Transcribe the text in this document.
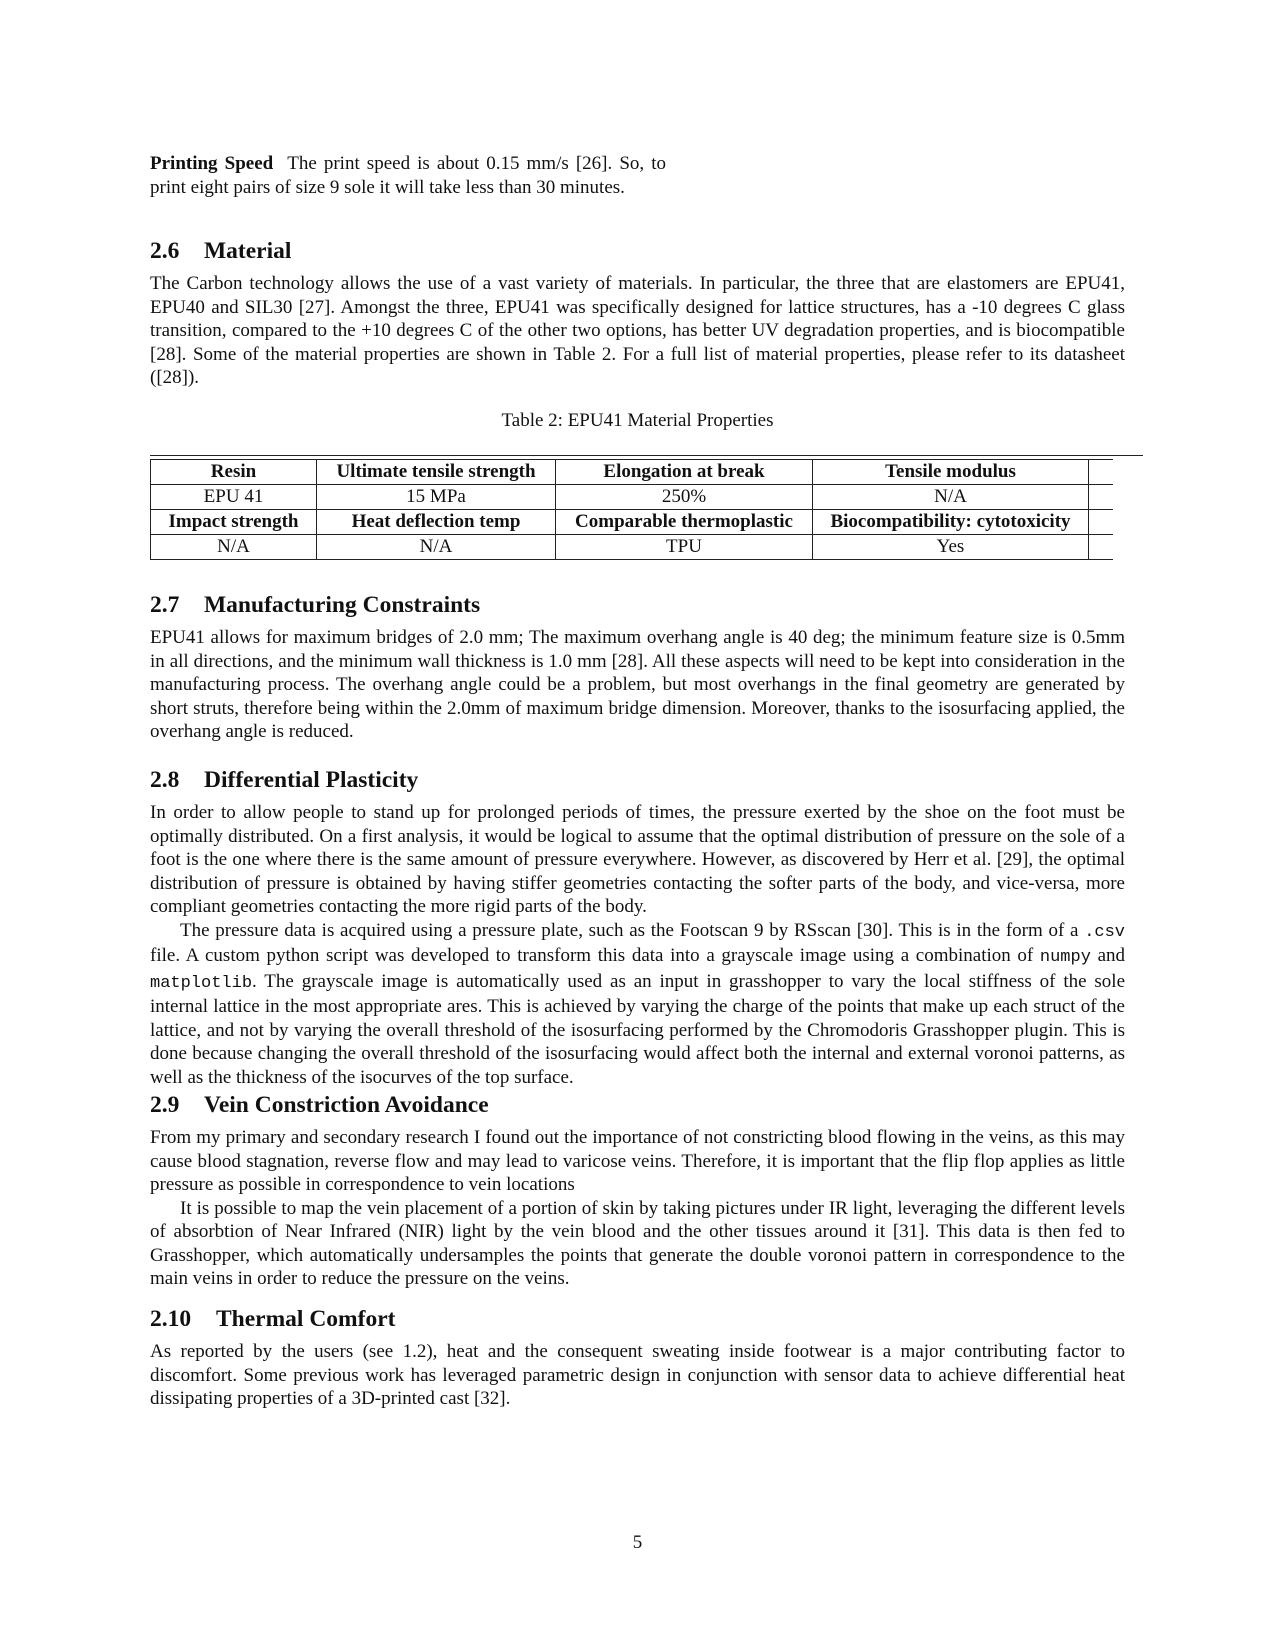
Printing Speed The print speed is about 0.15 mm/s [26]. So, to print eight pairs of size 9 sole it will take less than 30 minutes.
2.6 Material

The Carbon technology allows the use of a vast variety of materials. In particular, the three that are elastomers are EPU41, EPU40 and SIL30 [27]. Amongst the three, EPU41 was specifically designed for lattice structures, has a -10 degrees C glass transition, compared to the +10 degrees C of the other two options, has better UV degradation properties, and is biocompatible [28]. Some of the material properties are shown in Table 2. For a full list of material properties, please refer to its datasheet ([28]).

Table 2: EPU41 Material Properties
Resin	Ultimate tensile strength	Elongation at break	Tensile modulus	
EPU 41	15 MPa	250%	N/A	
Impact strength	Heat deflection temp	Comparable thermoplastic	Biocompatibility: cytotoxicity	
N/A	N/A	TPU	Yes	
2.7 Manufacturing Constraints

EPU41 allows for maximum bridges of 2.0 mm; The maximum overhang angle is 40 deg; the minimum feature size is 0.5mm in all directions, and the minimum wall thickness is 1.0 mm [28]. All these aspects will need to be kept into consideration in the manufacturing process. The overhang angle could be a problem, but most overhangs in the final geometry are generated by short struts, therefore being within the 2.0mm of maximum bridge dimension. Moreover, thanks to the isosurfacing applied, the overhang angle is reduced.

2.8 Differential Plasticity

In order to allow people to stand up for prolonged periods of times, the pressure exerted by the shoe on the foot must be optimally distributed. On a first analysis, it would be logical to assume that the optimal distribution of pressure on the sole of a foot is the one where there is the same amount of pressure everywhere. However, as discovered by Herr et al. [29], the optimal distribution of pressure is obtained by having stiffer geometries contacting the softer parts of the body, and vice-versa, more compliant geometries contacting the more rigid parts of the body.

The pressure data is acquired using a pressure plate, such as the Footscan 9 by RSscan [30]. This is in the form of a .csv file. A custom python script was developed to transform this data into a grayscale image using a combination of numpy and matplotlib. The grayscale image is automatically used as an input in grasshopper to vary the local stiffness of the sole internal lattice in the most appropriate ares. This is achieved by varying the charge of the points that make up each struct of the lattice, and not by varying the overall threshold of the isosurfacing performed by the Chromodoris Grasshopper plugin. This is done because changing the overall threshold of the isosurfacing would affect both the internal and external voronoi patterns, as well as the thickness of the isocurves of the top surface.

2.9 Vein Constriction Avoidance

From my primary and secondary research I found out the importance of not constricting blood flowing in the veins, as this may cause blood stagnation, reverse flow and may lead to varicose veins. Therefore, it is important that the flip flop applies as little pressure as possible in correspondence to vein locations

It is possible to map the vein placement of a portion of skin by taking pictures under IR light, leveraging the different levels of absorbtion of Near Infrared (NIR) light by the vein blood and the other tissues around it [31]. This data is then fed to Grasshopper, which automatically undersamples the points that generate the double voronoi pattern in correspondence to the main veins in order to reduce the pressure on the veins.

2.10 Thermal Comfort

As reported by the users (see 1.2), heat and the consequent sweating inside footwear is a major contributing factor to discomfort. Some previous work has leveraged parametric design in conjunction with sensor data to achieve differential heat dissipating properties of a 3D-printed cast [32].

5
